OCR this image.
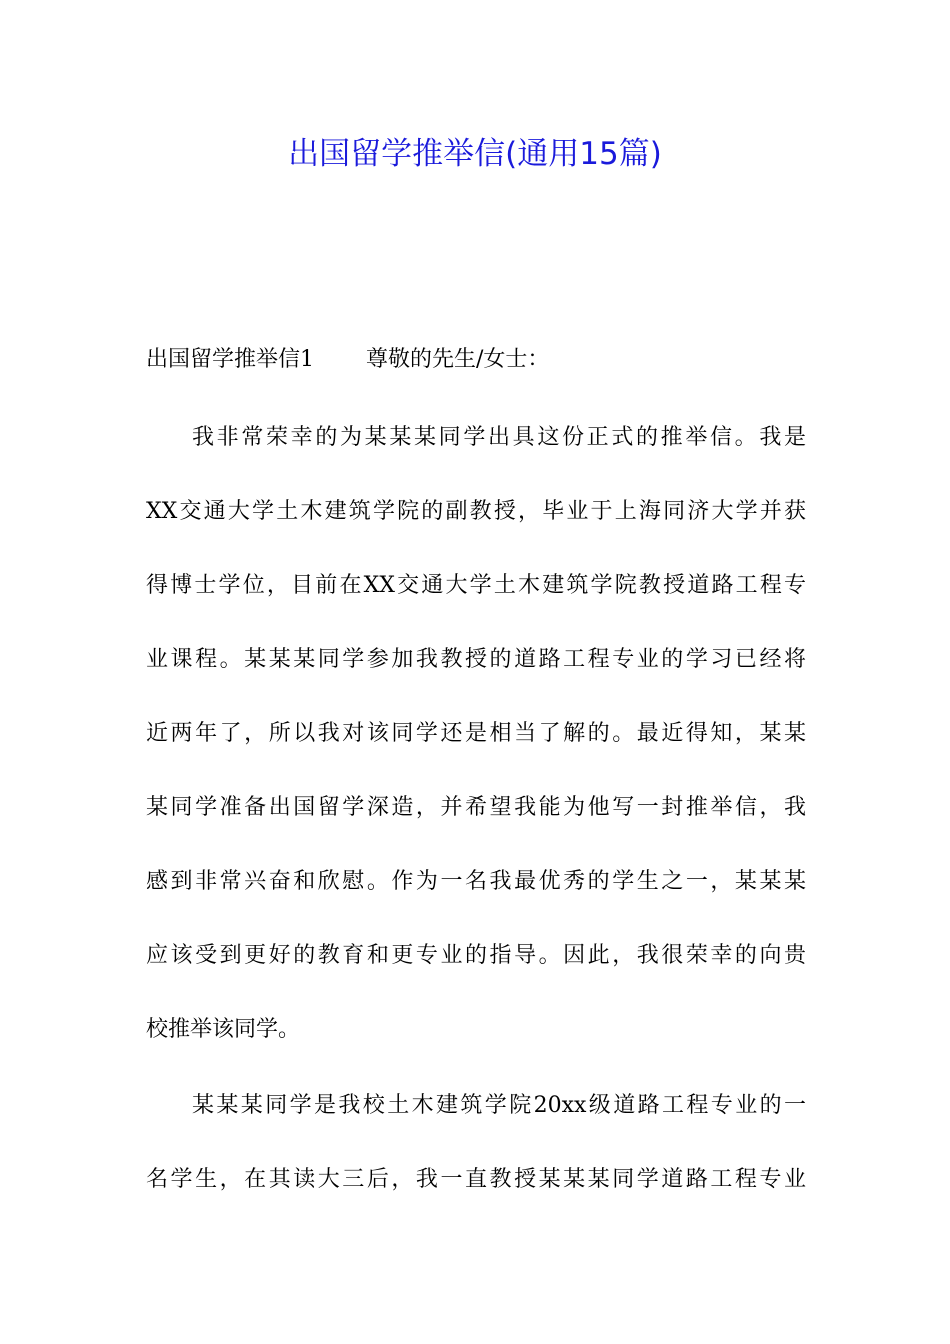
出国留学推举信(通用15篇)
出国留学推举信1 尊敬的先生/女士：
我非常荣幸的为某某某同学出具这份正式的推举信。我是
XX交通大学土木建筑学院的副教授，毕业于上海同济大学并获
得博士学位，目前在XX交通大学土木建筑学院教授道路工程专
业课程。某某某同学参加我教授的道路工程专业的学习已经将
近两年了，所以我对该同学还是相当了解的。最近得知，某某
某同学准备出国留学深造，并希望我能为他写一封推举信，我
感到非常兴奋和欣慰。作为一名我最优秀的学生之一，某某某
应该受到更好的教育和更专业的指导。因此，我很荣幸的向贵
校推举该同学。
某某某同学是我校土木建筑学院20xx级道路工程专业的一
名学生，在其读大三后，我一直教授某某某同学道路工程专业
